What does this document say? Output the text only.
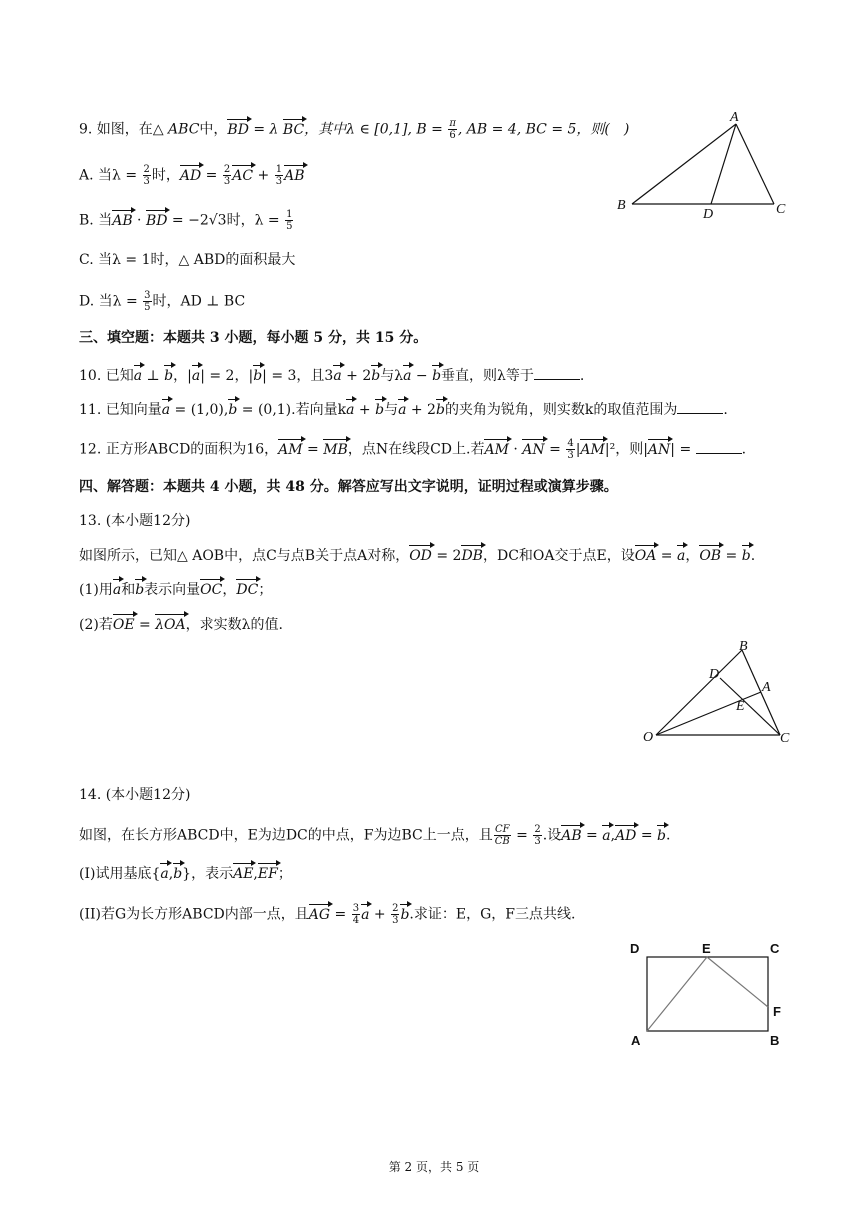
9. 如图，在△ ABC中，BD = λ BC，其中λ ∈ [0,1], $B = \frac{\pi}{6}$ , AB = 4, BC = 5，则(　)
A. 当$\lambda = \frac{2}{3}$ 时，AD = $\frac{2}{3}$ AC + $\frac{1}{3}$ AB
B. 当AB · BD = −2√3时，$\lambda = \frac{1}{5}$
C. 当λ = 1时，△ ABD的面积最大
D. 当$\lambda = \frac{3}{5}$ 时，AD ⊥ BC
A
B	C
D
三、填空题：本题共 3 小题，每小题 5 分，共 15 分。
10. 已知a ⊥ b，|a| = 2，|b| = 3，且3a + 2b与λa − b垂直，则λ等于	.
11. 已知向量a = (1,0),b = (0,1).若向量ka + b与a + 2b的夹角为锐角，则实数k的取值范围为	.
12. 正方形ABCD的面积为16，AM = MB，点N在线段CD上.若AM · AN = $\frac{4}{3} |AM|^2$，则|AN| =	.
四、解答题：本题共 4 小题，共 48 分。解答应写出文字说明，证明过程或演算步骤。
13. (本小题12分)
如图所示，已知△ AOB中，点C与点B关于点A对称，OD = 2DB，DC和OA交于点E，设OA = a，OB = b.
(1)用a和b表示向量OC，DC；
(2)若OE = λOA，求实数λ的值.
O
B
D
A
E
C
14. (本小题12分)
如图，在长方形ABCD中，E为边DC的中点，F为边BC上一点，且 $\frac{CF}{CB} = \frac{2}{3}$ .设AB = a,AD = b.
(I)试用基底{a,b}，表示AE,EF；
(II)若G为长方形ABCD内部一点，且AG = $\frac{3}{4}$ $a + \frac{2}{3} b$.求证：E，G，F三点共线.
D	E	C
F
A	B
第 2 页，共 5 页
